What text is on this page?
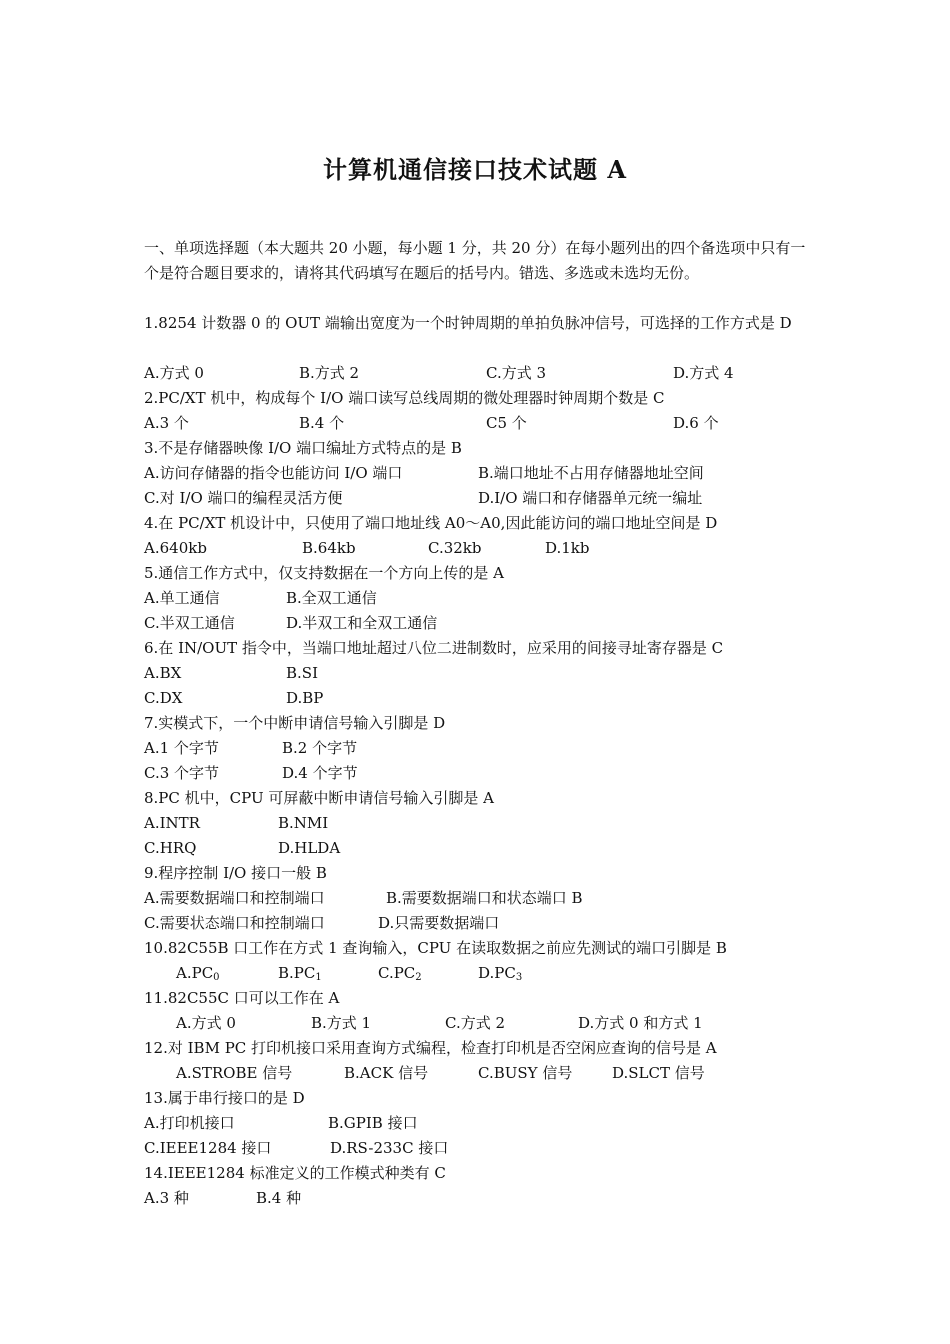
计算机通信接口技术试题 A
一、单项选择题（本大题共 20 小题，每小题 1 分，共 20 分）在每小题列出的四个备选项中只有一个是符合题目要求的，请将其代码填写在题后的括号内。错选、多选或未选均无份。
1.8254 计数器 0 的 OUT 端输出宽度为一个时钟周期的单拍负脉冲信号，可选择的工作方式是 D
A.方式 0	B.方式 2	C.方式 3	D.方式 4
2.PC/XT 机中，构成每个 I/O 端口读写总线周期的微处理器时钟周期个数是 C
A.3 个	B.4 个	C5 个	D.6 个
3.不是存储器映像 I/O 端口编址方式特点的是 B
A.访问存储器的指令也能访问 I/O 端口	B.端口地址不占用存储器地址空间
C.对 I/O 端口的编程灵活方便	D.I/O 端口和存储器单元统一编址
4.在 PC/XT 机设计中，只使用了端口地址线 A0～A0,因此能访问的端口地址空间是 D
A.640kb	B.64kb	C.32kb	D.1kb
5.通信工作方式中，仅支持数据在一个方向上传的是 A
A.单工通信	B.全双工通信
C.半双工通信	D.半双工和全双工通信
6.在 IN/OUT 指令中，当端口地址超过八位二进制数时，应采用的间接寻址寄存器是 C
A.BX	B.SI
C.DX	D.BP
7.实模式下，一个中断申请信号输入引脚是 D
A.1 个字节	B.2 个字节
C.3 个字节	D.4 个字节
8.PC 机中，CPU 可屏蔽中断申请信号输入引脚是 A
A.INTR	B.NMI
C.HRQ	D.HLDA
9.程序控制 I/O 接口一般 B
A.需要数据端口和控制端口	B.需要数据端口和状态端口 B
C.需要状态端口和控制端口	D.只需要数据端口
10.82C55B 口工作在方式 1 查询输入，CPU 在读取数据之前应先测试的端口引脚是 B
$A.PC_0$	$B.PC_1$	$C.PC_2$	$D.PC_3$
11.82C55C 口可以工作在 A
A.方式 0	B.方式 1	C.方式 2	D.方式 0 和方式 1
12.对 IBM PC 打印机接口采用查询方式编程，检查打印机是否空闲应查询的信号是 A
A.STROBE 信号	B.ACK 信号	C.BUSY 信号	D.SLCT 信号
13.属于串行接口的是 D
A.打印机接口	B.GPIB 接口
C.IEEE1284 接口	D.RS-233C 接口
14.IEEE1284 标准定义的工作模式种类有 C
A.3 种	B.4 种
